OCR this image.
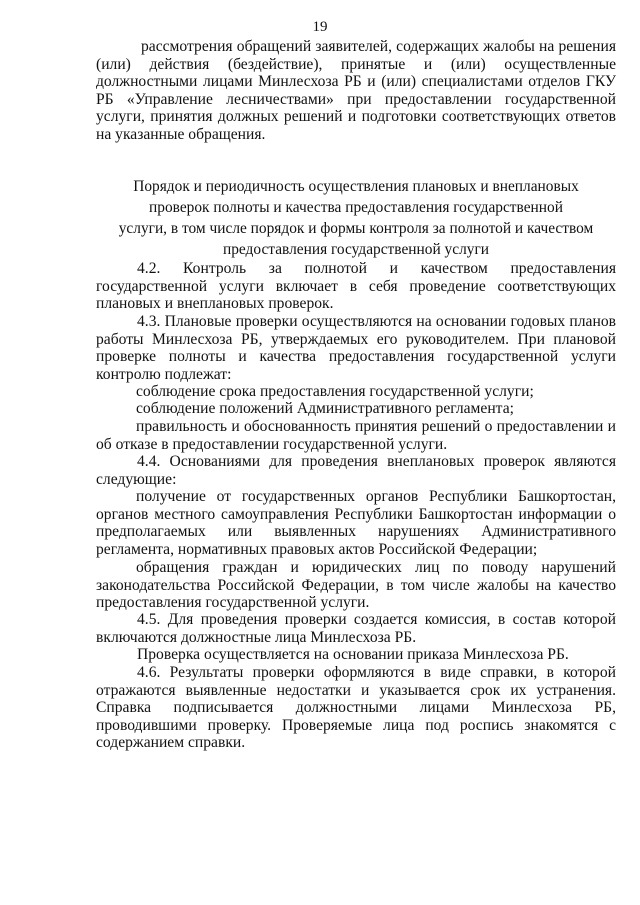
19

рассмотрения обращений заявителей, содержащих жалобы на решения (или) действия (бездействие), принятые и (или) осуществленные должностными лицами Минлесхоза РБ и (или) специалистами отделов ГКУ РБ «Управление лесничествами» при предоставлении государственной услуги, принятия должных решений и подготовки соответствующих ответов на указанные обращения.

Порядок и периодичность осуществления плановых и внеплановых
проверок полноты и качества предоставления государственной
услуги, в том числе порядок и формы контроля за полнотой и качеством
предоставления государственной услуги

4.2. Контроль за полнотой и качеством предоставления государственной услуги включает в себя проведение соответствующих плановых и внеплановых проверок.

4.3. Плановые проверки осуществляются на основании годовых планов работы Минлесхоза РБ, утверждаемых его руководителем. При плановой проверке полноты и качества предоставления государственной услуги контролю подлежат:

соблюдение срока предоставления государственной услуги;

соблюдение положений Административного регламента;

правильность и обоснованность принятия решений о предоставлении и об отказе в предоставлении государственной услуги.

4.4. Основаниями для проведения внеплановых проверок являются следующие:

получение от государственных органов Республики Башкортостан, органов местного самоуправления Республики Башкортостан информации о предполагаемых или выявленных нарушениях Административного регламента, нормативных правовых актов Российской Федерации;

обращения граждан и юридических лиц по поводу нарушений законодательства Российской Федерации, в том числе жалобы на качество предоставления государственной услуги.

4.5. Для проведения проверки создается комиссия, в состав которой включаются должностные лица Минлесхоза РБ.

Проверка осуществляется на основании приказа Минлесхоза РБ.

4.6. Результаты проверки оформляются в виде справки, в которой отражаются выявленные недостатки и указывается срок их устранения. Справка подписывается должностными лицами Минлесхоза РБ, проводившими проверку. Проверяемые лица под роспись знакомятся с содержанием справки.
